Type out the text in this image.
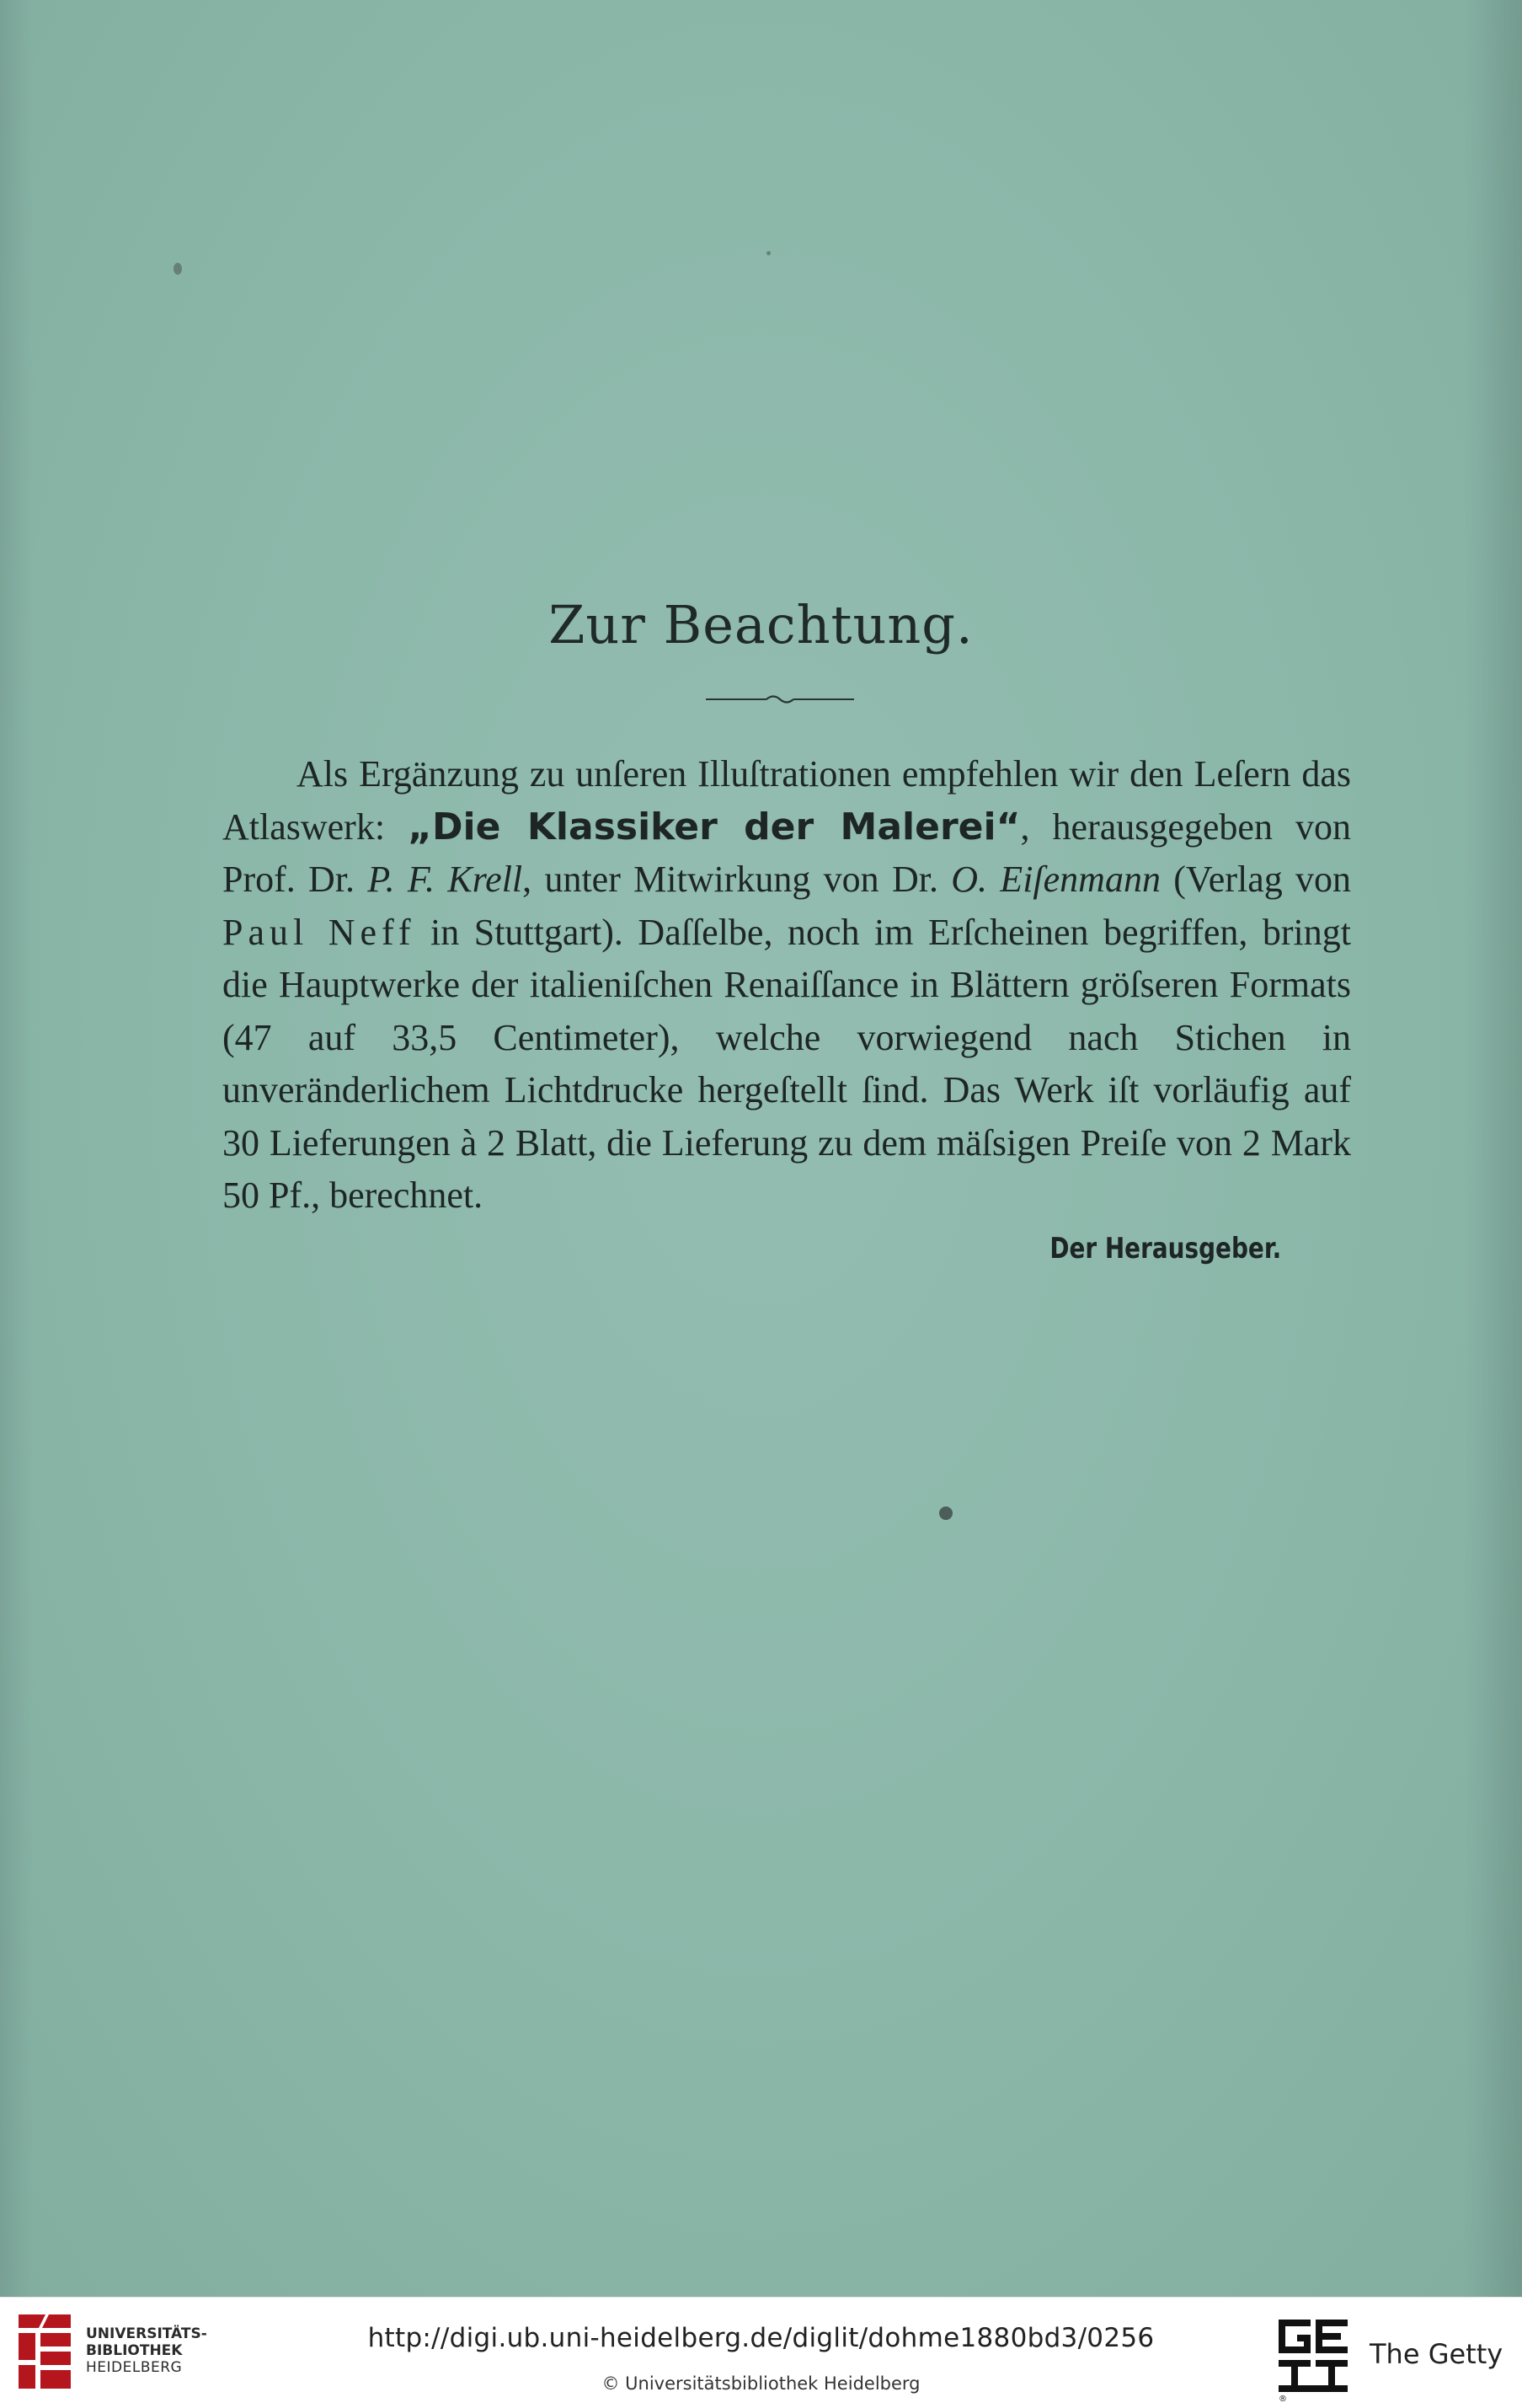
Zur Beachtung.

Als Ergänzung zu unſeren Illuſtrationen empfehlen wir den Leſern das Atlaswerk: „Die Klassiker der Malerei“, herausgegeben von Prof. Dr. P. F. Krell, unter Mitwirkung von Dr. O. Eiſenmann (Verlag von Paul Neff in Stuttgart). Daſſelbe, noch im Erſcheinen begriffen, bringt die Hauptwerke der italieniſchen Renaiſſance in Blättern gröſseren Formats (47 auf 33,5 Centimeter), welche vorwiegend nach Stichen in unveränderlichem Lichtdrucke hergeſtellt ſind. Das Werk iſt vorläufig auf 30 Lieferungen à 2 Blatt, die Lieferung zu dem mäſsigen Preiſe von 2 Mark 50 Pf., berechnet.

Der Herausgeber.
UNIVERSITÄTS-
BIBLIOTHEK
HEIDELBERG
http://digi.ub.uni-heidelberg.de/diglit/dohme1880bd3/0256
© Universitätsbibliothek Heidelberg
®
The Getty
